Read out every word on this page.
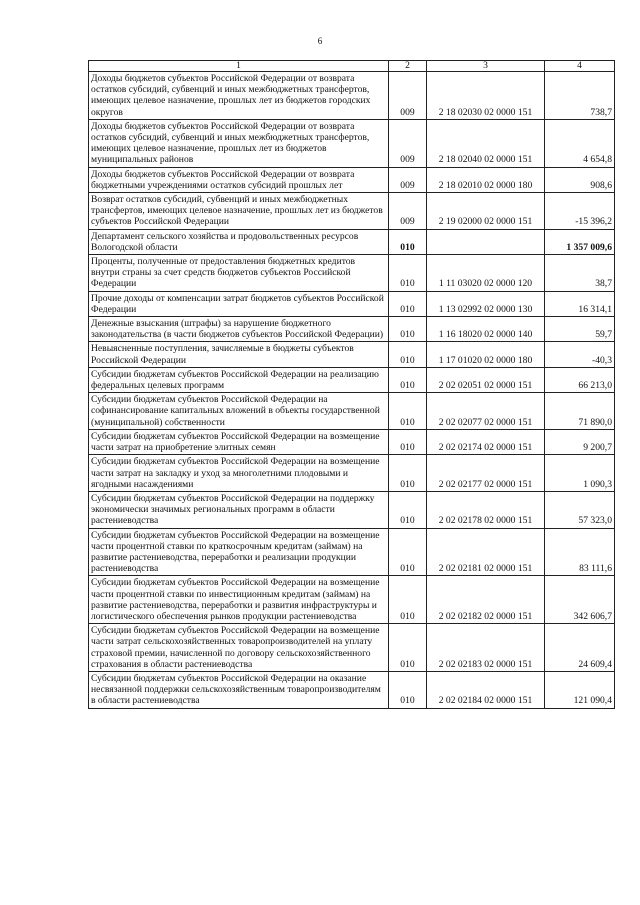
6
1	2	3	4
Доходы бюджетов субъектов Российской Федерации от возврата остатков субсидий, субвенций и иных межбюджетных трансфертов, имеющих целевое назначение, прошлых лет из бюджетов городских округов	009	2 18 02030 02 0000 151	738,7
Доходы бюджетов субъектов Российской Федерации от возврата остатков субсидий, субвенций и иных межбюджетных трансфертов, имеющих целевое назначение, прошлых лет из бюджетов муниципальных районов	009	2 18 02040 02 0000 151	4 654,8
Доходы бюджетов субъектов Российской Федерации от возврата бюджетными учреждениями остатков субсидий прошлых лет	009	2 18 02010 02 0000 180	908,6
Возврат остатков субсидий, субвенций и иных межбюджетных трансфертов, имеющих целевое назначение, прошлых лет из бюджетов субъектов Российской Федерации	009	2 19 02000 02 0000 151	-15 396,2
Департамент сельского хозяйства и продовольственных ресурсов Вологодской области	010		1 357 009,6
Проценты, полученные от предоставления бюджетных кредитов внутри страны за счет средств бюджетов субъектов Российской Федерации	010	1 11 03020 02 0000 120	38,7
Прочие доходы от компенсации затрат бюджетов субъектов Российской Федерации	010	1 13 02992 02 0000 130	16 314,1
Денежные взыскания (штрафы) за нарушение бюджетного законодательства (в части бюджетов субъектов Российской Федерации)	010	1 16 18020 02 0000 140	59,7
Невыясненные поступления, зачисляемые в бюджеты субъектов Российской Федерации	010	1 17 01020 02 0000 180	-40,3
Субсидии бюджетам субъектов Российской Федерации на реализацию федеральных целевых программ	010	2 02 02051 02 0000 151	66 213,0
Субсидии бюджетам субъектов Российской Федерации на софинансирование капитальных вложений в объекты государственной (муниципальной) собственности	010	2 02 02077 02 0000 151	71 890,0
Субсидии бюджетам субъектов Российской Федерации на возмещение части затрат на приобретение элитных семян	010	2 02 02174 02 0000 151	9 200,7
Субсидии бюджетам субъектов Российской Федерации на возмещение части затрат на закладку и уход за многолетними плодовыми и ягодными насаждениями	010	2 02 02177 02 0000 151	1 090,3
Субсидии бюджетам субъектов Российской Федерации на поддержку экономически значимых региональных программ в области растениеводства	010	2 02 02178 02 0000 151	57 323,0
Субсидии бюджетам субъектов Российской Федерации на возмещение части процентной ставки по краткосрочным кредитам (займам) на развитие растениеводства, переработки и реализации продукции растениеводства	010	2 02 02181 02 0000 151	83 111,6
Субсидии бюджетам субъектов Российской Федерации на возмещение части процентной ставки по инвестиционным кредитам (займам) на развитие растениеводства, переработки и развития инфраструктуры и логистического обеспечения рынков продукции растениеводства	010	2 02 02182 02 0000 151	342 606,7
Субсидии бюджетам субъектов Российской Федерации на возмещение части затрат сельскохозяйственных товаропроизводителей на уплату страховой премии, начисленной по договору сельскохозяйственного страхования в области растениеводства	010	2 02 02183 02 0000 151	24 609,4
Субсидии бюджетам субъектов Российской Федерации на оказание несвязанной поддержки сельскохозяйственным товаропроизводителям в области растениеводства	010	2 02 02184 02 0000 151	121 090,4
